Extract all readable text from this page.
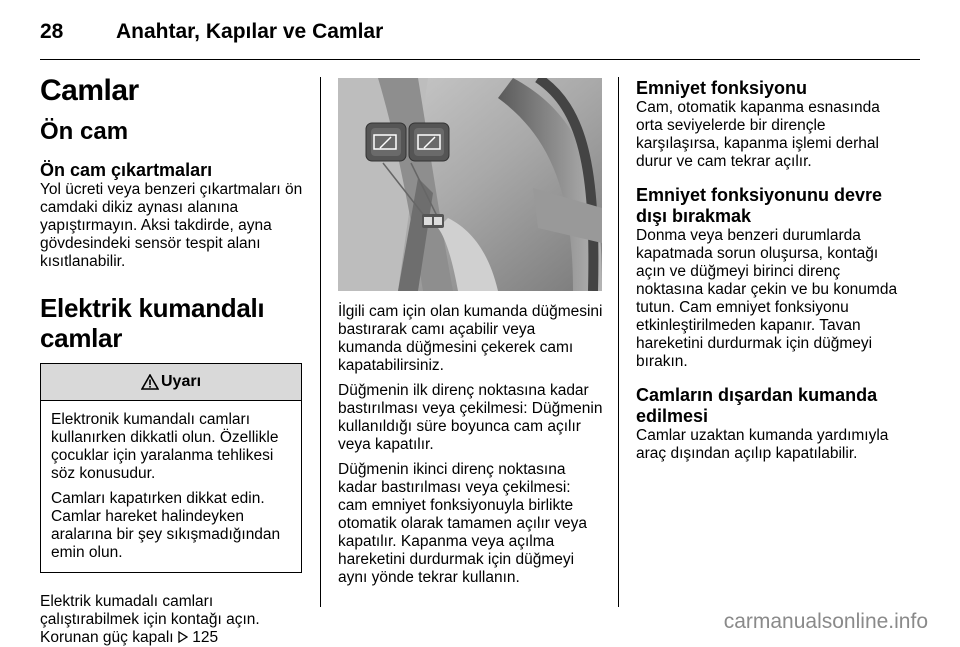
28	Anahtar, Kapılar ve Camlar
Camlar
Ön cam
Ön cam çıkartmaları

Yol ücreti veya benzeri çıkartmaları ön camdaki dikiz aynası alanına yapıştırmayın. Aksi takdirde, ayna gövdesindeki sensör tespit alanı kısıtlanabilir.

Elektrik kumandalı camlar
Uyarı

Elektronik kumandalı camları kullanırken dikkatli olun. Özellikle çocuklar için yaralanma tehlikesi söz konusudur.

Camları kapatırken dikkat edin. Camlar hareket halindeyken aralarına bir şey sıkışmadığından emin olun.

Elektrik kumadalı camları çalıştırabilmek için kontağı açın.

Korunan güç kapalı 125

İlgili cam için olan kumanda düğmesini bastırarak camı açabilir veya kumanda düğmesini çekerek camı kapatabilirsiniz.

Düğmenin ilk direnç noktasına kadar bastırılması veya çekilmesi: Düğmenin kullanıldığı süre boyunca cam açılır veya kapatılır.

Düğmenin ikinci direnç noktasına kadar bastırılması veya çekilmesi: cam emniyet fonksiyonuyla birlikte otomatik olarak tamamen açılır veya kapatılır. Kapanma veya açılma hareketini durdurmak için düğmeyi aynı yönde tekrar kullanın.

Emniyet fonksiyonu

Cam, otomatik kapanma esnasında orta seviyelerde bir dirençle karşılaşırsa, kapanma işlemi derhal durur ve cam tekrar açılır.

Emniyet fonksiyonunu devre dışı bırakmak

Donma veya benzeri durumlarda kapatmada sorun oluşursa, kontağı açın ve düğmeyi birinci direnç noktasına kadar çekin ve bu konumda tutun. Cam emniyet fonksiyonu etkinleştirilmeden kapanır. Tavan hareketini durdurmak için düğmeyi bırakın.

Camların dışardan kumanda edilmesi

Camlar uzaktan kumanda yardımıyla araç dışından açılıp kapatılabilir.

carmanualsonline.info
